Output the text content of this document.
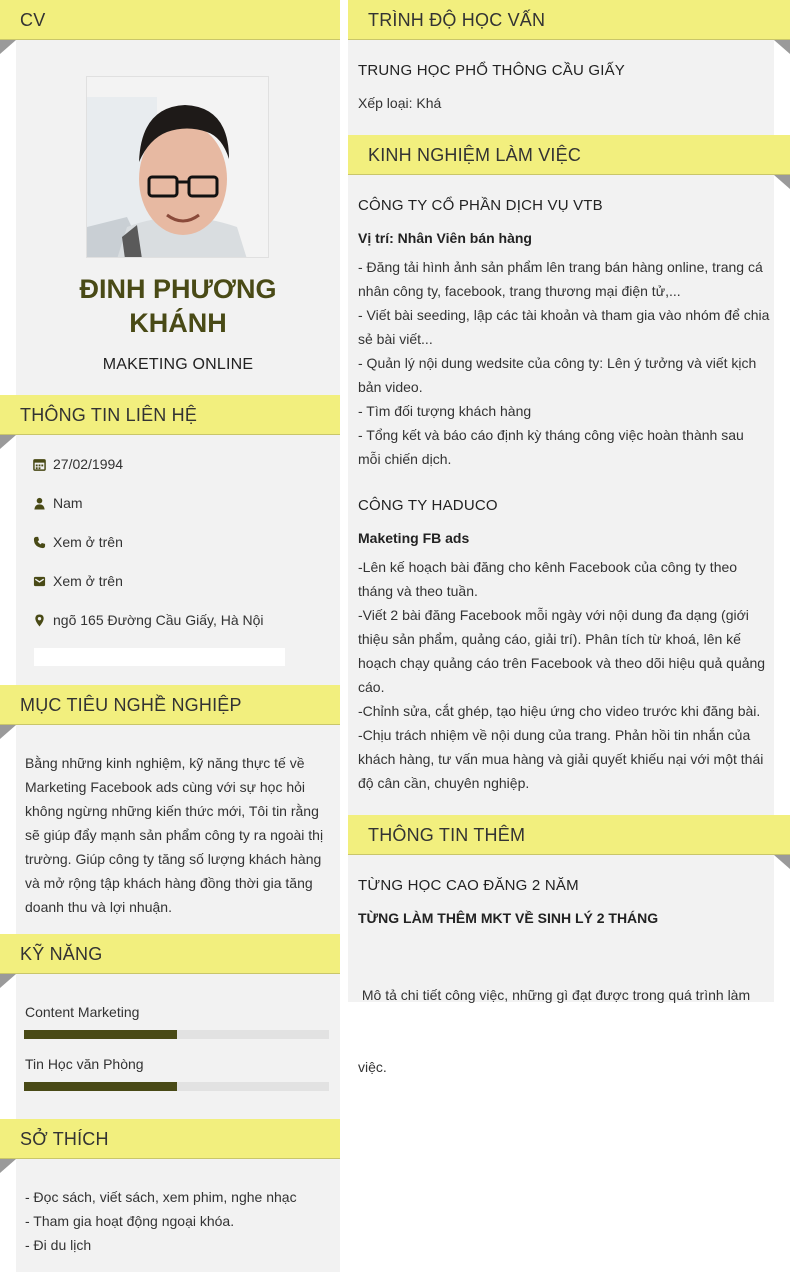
CV
ĐINH PHƯƠNG
KHÁNH
MAKETING ONLINE
THÔNG TIN LIÊN HỆ
27/02/1994
Nam
Xem ở trên
Xem ở trên
ngõ 165 Đường Cầu Giấy, Hà Nội
MỤC TIÊU NGHỀ NGHIỆP
Bằng những kinh nghiệm, kỹ năng thực tế về
Marketing Facebook ads cùng với sự học hỏi
không ngừng những kiến thức mới, Tôi tin rằng
sẽ giúp đẩy mạnh sản phẩm công ty ra ngoài thị
trường. Giúp công ty tăng số lượng khách hàng
và mở rộng tập khách hàng đồng thời gia tăng
doanh thu và lợi nhuận.
KỸ NĂNG
Content Marketing
Tin Học văn Phòng
SỞ THÍCH
- Đọc sách, viết sách, xem phim, nghe nhạc
- Tham gia hoạt động ngoại khóa.
- Đi du lịch
TRÌNH ĐỘ HỌC VẤN
TRUNG HỌC PHỔ THÔNG CẦU GIẤY
Xếp loại: Khá
KINH NGHIỆM LÀM VIỆC
CÔNG TY CỔ PHẦN DỊCH VỤ VTB
Vị trí: Nhân Viên bán hàng
- Đăng tải hình ảnh sản phẩm lên trang bán hàng online, trang cá
nhân công ty, facebook, trang thương mại điện tử,...
- Viết bài seeding, lập các tài khoản và tham gia vào nhóm để chia
sẻ bài viết...
- Quản lý nội dung wedsite của công ty: Lên ý tưởng và viết kịch
bản video.
- Tìm đối tượng khách hàng
- Tổng kết và báo cáo định kỳ tháng công việc hoàn thành sau
mỗi chiến dịch.
CÔNG TY HADUCO
Maketing FB ads
-Lên kế hoạch bài đăng cho kênh Facebook của công ty theo
tháng và theo tuần.
-Viết 2 bài đăng Facebook mỗi ngày với nội dung đa dạng (giới
thiệu sản phẩm, quảng cáo, giải trí). Phân tích từ khoá, lên kế
hoạch chạy quảng cáo trên Facebook và theo dõi hiệu quả quảng
cáo.
-Chỉnh sửa, cắt ghép, tạo hiệu ứng cho video trước khi đăng bài.
-Chịu trách nhiệm về nội dung của trang. Phản hồi tin nhắn của
khách hàng, tư vấn mua hàng và giải quyết khiếu nại với một thái
độ cân cần, chuyên nghiệp.
THÔNG TIN THÊM
TỪNG HỌC CAO ĐĂNG 2 NĂM
TỪNG LÀM THÊM MKT VỀ SINH LÝ 2 THÁNG

Mô tả chi tiết công việc, những gì đạt được trong quá trình làm

việc.
